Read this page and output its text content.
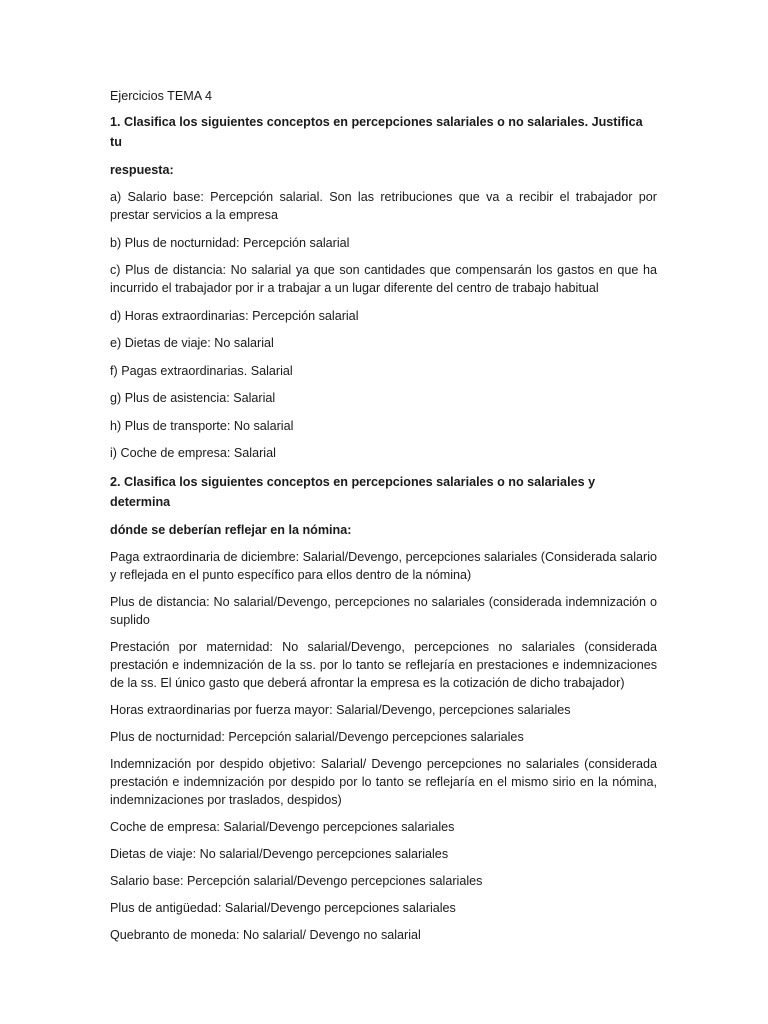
Ejercicios TEMA 4

1. Clasifica los siguientes conceptos en percepciones salariales o no salariales. Justifica tu
respuesta:

a) Salario base: Percepción salarial. Son las retribuciones que va a recibir el trabajador por prestar servicios a la empresa

b) Plus de nocturnidad: Percepción salarial

c) Plus de distancia: No salarial ya que son cantidades que compensarán los gastos en que ha incurrido el trabajador por ir a trabajar a un lugar diferente del centro de trabajo habitual

d) Horas extraordinarias: Percepción salarial

e) Dietas de viaje: No salarial

f) Pagas extraordinarias. Salarial

g) Plus de asistencia: Salarial

h) Plus de transporte: No salarial

i) Coche de empresa: Salarial

2. Clasifica los siguientes conceptos en percepciones salariales o no salariales y determina
dónde se deberían reflejar en la nómina:

Paga extraordinaria de diciembre: Salarial/Devengo, percepciones salariales (Considerada salario y reflejada en el punto específico para ellos dentro de la nómina)

Plus de distancia: No salarial/Devengo, percepciones no salariales (considerada indemnización o suplido

Prestación por maternidad: No salarial/Devengo, percepciones no salariales (considerada prestación e indemnización de la ss. por lo tanto se reflejaría en prestaciones e indemnizaciones de la ss. El único gasto que deberá afrontar la empresa es la cotización de dicho trabajador)

Horas extraordinarias por fuerza mayor: Salarial/Devengo, percepciones salariales

Plus de nocturnidad: Percepción salarial/Devengo percepciones salariales

Indemnización por despido objetivo: Salarial/ Devengo percepciones no salariales (considerada prestación e indemnización por despido por lo tanto se reflejaría en el mismo sirio en la nómina, indemnizaciones por traslados, despidos)

Coche de empresa: Salarial/Devengo percepciones salariales

Dietas de viaje: No salarial/Devengo percepciones salariales

Salario base: Percepción salarial/Devengo percepciones salariales

Plus de antigüedad: Salarial/Devengo percepciones salariales

Quebranto de moneda: No salarial/ Devengo no salarial
